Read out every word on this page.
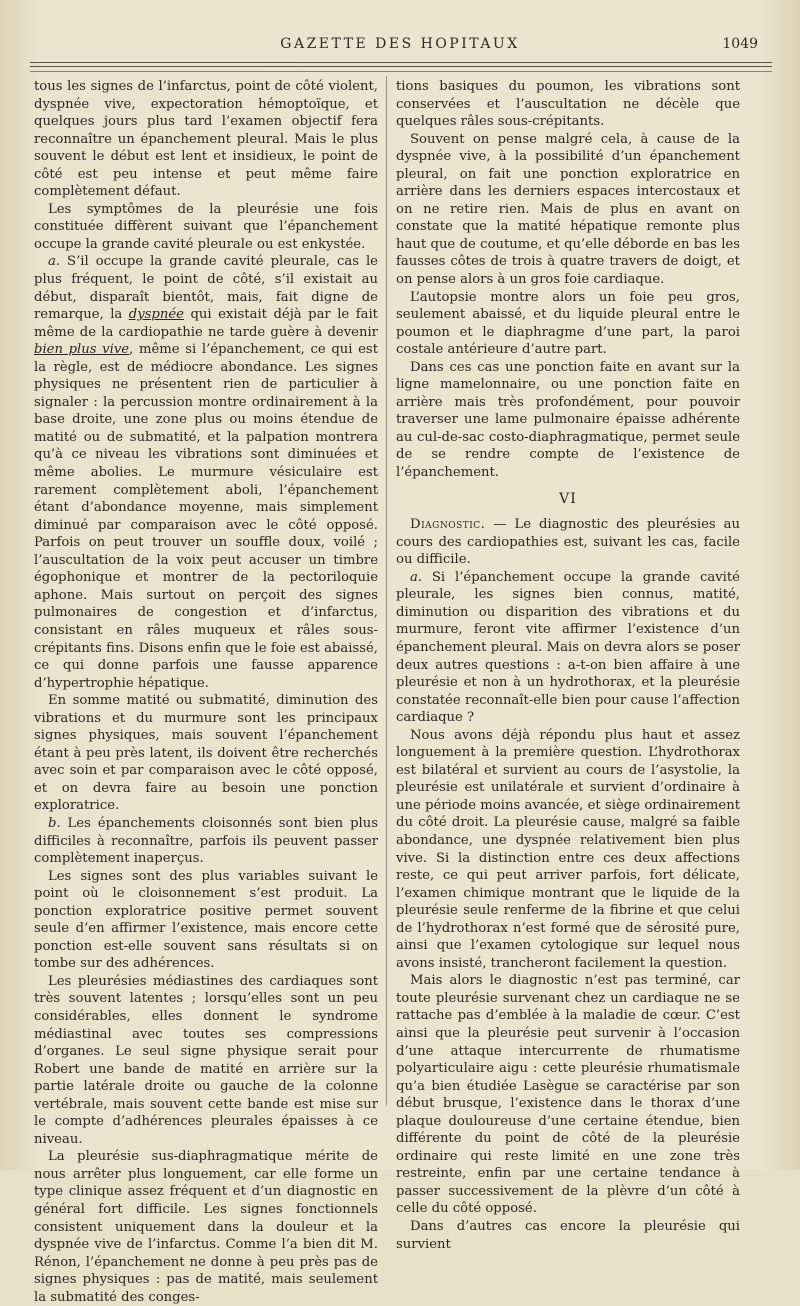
GAZETTE DES HOPITAUX	1049

tous les signes de l’infarctus, point de côté violent, dyspnée vive, expectoration hémoptoïque, et quelques jours plus tard l’examen objectif fera reconnaître un épanchement pleural. Mais le plus souvent le début est lent et insidieux, le point de côté est peu intense et peut même faire complètement défaut.

Les symptômes de la pleurésie une fois constituée diffèrent suivant que l’épanchement occupe la grande cavité pleurale ou est enkystée.

a. S’il occupe la grande cavité pleurale, cas le plus fréquent, le point de côté, s’il existait au début, disparaît bientôt, mais, fait digne de remarque, la dyspnée qui existait déjà par le fait même de la cardiopathie ne tarde guère à devenir bien plus vive, même si l’épanchement, ce qui est la règle, est de médiocre abondance. Les signes physiques ne présentent rien de particulier à signaler : la percussion montre ordinairement à la base droite, une zone plus ou moins étendue de matité ou de submatité, et la palpation montrera qu’à ce niveau les vibrations sont diminuées et même abolies. Le murmure vésiculaire est rarement complètement aboli, l’épanchement étant d’abondance moyenne, mais simplement diminué par comparaison avec le côté opposé. Parfois on peut trouver un souffle doux, voilé ; l’auscultation de la voix peut accuser un timbre égophonique et montrer de la pectoriloquie aphone. Mais surtout on perçoit des signes pulmonaires de congestion et d’infarctus, consistant en râles muqueux et râles sous-crépitants fins. Disons enfin que le foie est abaissé, ce qui donne parfois une fausse apparence d’hypertrophie hépatique.

En somme matité ou submatité, diminution des vibrations et du murmure sont les principaux signes physiques, mais souvent l’épanchement étant à peu près latent, ils doivent être recherchés avec soin et par comparaison avec le côté opposé, et on devra faire au besoin une ponction exploratrice.

b. Les épanchements cloisonnés sont bien plus difficiles à reconnaître, parfois ils peuvent passer complètement inaperçus.

Les signes sont des plus variables suivant le point où le cloisonnement s’est produit. La ponction exploratrice positive permet souvent seule d’en affirmer l’existence, mais encore cette ponction est-elle souvent sans résultats si on tombe sur des adhérences.

Les pleurésies médiastines des cardiaques sont très souvent latentes ; lorsqu’elles sont un peu considérables, elles donnent le syndrome médiastinal avec toutes ses compressions d’organes. Le seul signe physique serait pour Robert une bande de matité en arrière sur la partie latérale droite ou gauche de la colonne vertébrale, mais souvent cette bande est mise sur le compte d’adhérences pleurales épaisses à ce niveau.

La pleurésie sus-diaphragmatique mérite de nous arrêter plus longuement, car elle forme un type clinique assez fréquent et d’un diagnostic en général fort difficile. Les signes fonctionnels consistent uniquement dans la douleur et la dyspnée vive de l’infarctus. Comme l’a bien dit M. Rénon, l’épanchement ne donne à peu près pas de signes physiques : pas de matité, mais seulement la submatité des conges-

tions basiques du poumon, les vibrations sont conservées et l’auscultation ne décèle que quelques râles sous-crépitants.

Souvent on pense malgré cela, à cause de la dyspnée vive, à la possibilité d’un épanchement pleural, on fait une ponction exploratrice en arrière dans les derniers espaces intercostaux et on ne retire rien. Mais de plus en avant on constate que la matité hépatique remonte plus haut que de coutume, et qu’elle déborde en bas les fausses côtes de trois à quatre travers de doigt, et on pense alors à un gros foie cardiaque.

L’autopsie montre alors un foie peu gros, seulement abaissé, et du liquide pleural entre le poumon et le diaphragme d’une part, la paroi costale antérieure d’autre part.

Dans ces cas une ponction faite en avant sur la ligne mamelonnaire, ou une ponction faite en arrière mais très profondément, pour pouvoir traverser une lame pulmonaire épaisse adhérente au cul-de-sac costo-diaphragmatique, permet seule de se rendre compte de l’existence de l’épanchement.

VI

Diagnostic. — Le diagnostic des pleurésies au cours des cardiopathies est, suivant les cas, facile ou difficile.

a. Si l’épanchement occupe la grande cavité pleurale, les signes bien connus, matité, diminution ou disparition des vibrations et du murmure, feront vite affirmer l’existence d’un épanchement pleural. Mais on devra alors se poser deux autres questions : a-t-on bien affaire à une pleurésie et non à un hydrothorax, et la pleurésie constatée reconnaît-elle bien pour cause l’affection cardiaque ?

Nous avons déjà répondu plus haut et assez longuement à la première question. L’hydrothorax est bilatéral et survient au cours de l’asystolie, la pleurésie est unilatérale et survient d’ordinaire à une période moins avancée, et siège ordinairement du côté droit. La pleurésie cause, malgré sa faible abondance, une dyspnée relativement bien plus vive. Si la distinction entre ces deux affections reste, ce qui peut arriver parfois, fort délicate, l’examen chimique montrant que le liquide de la pleurésie seule renferme de la fibrine et que celui de l’hydrothorax n’est formé que de sérosité pure, ainsi que l’examen cytologique sur lequel nous avons insisté, trancheront facilement la question.

Mais alors le diagnostic n’est pas terminé, car toute pleurésie survenant chez un cardiaque ne se rattache pas d’emblée à la maladie de cœur. C’est ainsi que la pleurésie peut survenir à l’occasion d’une attaque intercurrente de rhumatisme polyarticulaire aigu : cette pleurésie rhumatismale qu’a bien étudiée Lasègue se caractérise par son début brusque, l’existence dans le thorax d’une plaque douloureuse d’une certaine étendue, bien différente du point de côté de la pleurésie ordinaire qui reste limité en une zone très restreinte, enfin par une certaine tendance à passer successivement de la plèvre d’un côté à celle du côté opposé.

Dans d’autres cas encore la pleurésie qui survient
